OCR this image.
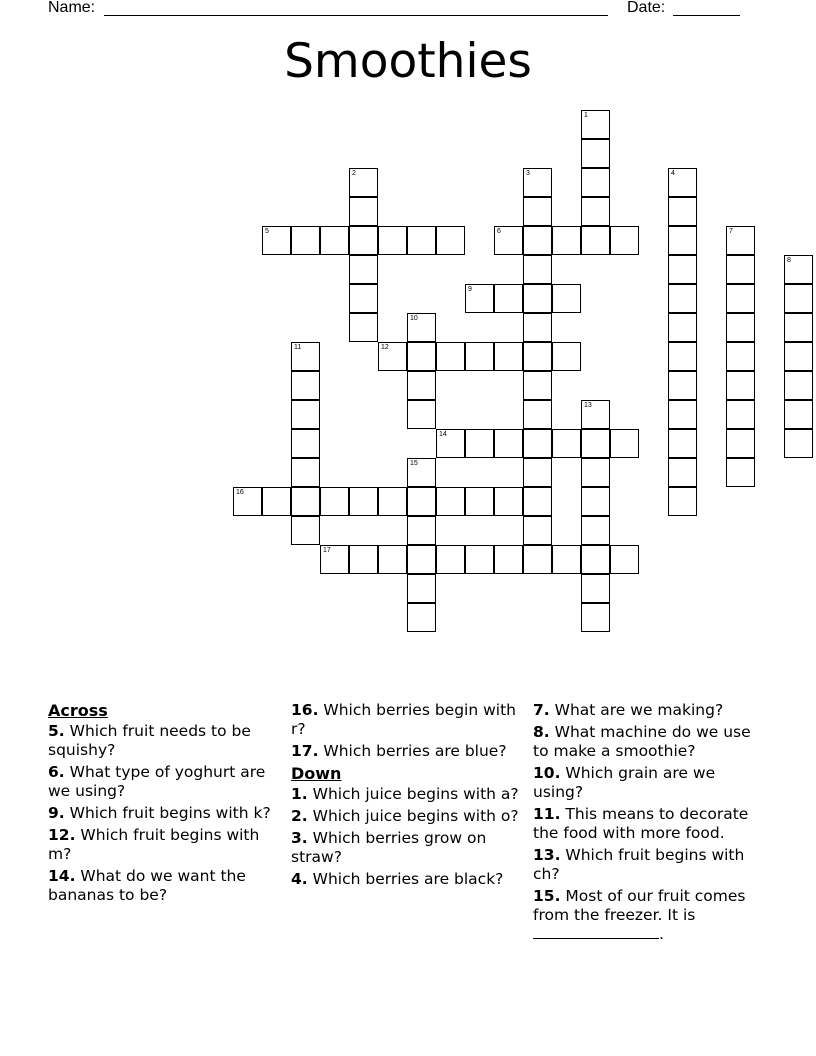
Name:	Date:
Smoothies
1
2	3	4
5	6	7
8
9
10
11	12
13
14
15
16
17
Across
5. Which fruit needs to be squishy?
6. What type of yoghurt are we using?
9. Which fruit begins with k?
12. Which fruit begins with m?
14. What do we want the bananas to be?
16. Which berries begin with r?
17. Which berries are blue?
Down
1. Which juice begins with a?
2. Which juice begins with o?
3. Which berries grow on straw?
4. Which berries are black?
7. What are we making?
8. What machine do we use to make a smoothie?
10. Which grain are we using?
11. This means to decorate the food with more food.
13. Which fruit begins with ch?
15. Most of our fruit comes from the freezer. It is .
